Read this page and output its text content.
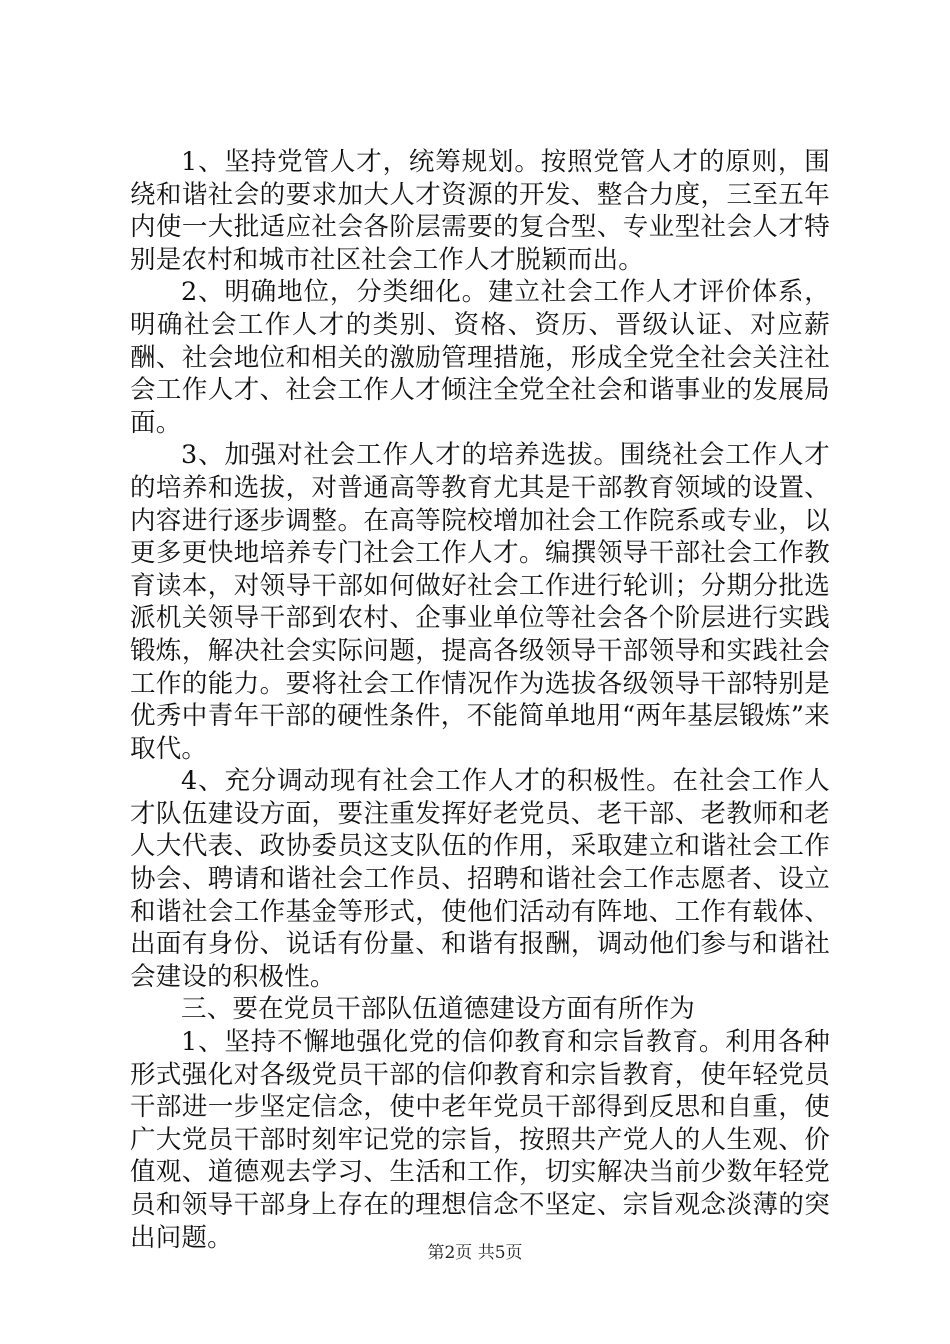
1、坚持党管人才，统筹规划。按照党管人才的原则，围绕和谐社会的要求加大人才资源的开发、整合力度，三至五年内使一大批适应社会各阶层需要的复合型、专业型社会人才特别是农村和城市社区社会工作人才脱颖而出。

2、明确地位，分类细化。建立社会工作人才评价体系，明确社会工作人才的类别、资格、资历、晋级认证、对应薪酬、社会地位和相关的激励管理措施，形成全党全社会关注社会工作人才、社会工作人才倾注全党全社会和谐事业的发展局面。

3、加强对社会工作人才的培养选拔。围绕社会工作人才的培养和选拔，对普通高等教育尤其是干部教育领域的设置、内容进行逐步调整。在高等院校增加社会工作院系或专业，以更多更快地培养专门社会工作人才。编撰领导干部社会工作教育读本，对领导干部如何做好社会工作进行轮训；分期分批选派机关领导干部到农村、企事业单位等社会各个阶层进行实践锻炼，解决社会实际问题，提高各级领导干部领导和实践社会工作的能力。要将社会工作情况作为选拔各级领导干部特别是优秀中青年干部的硬性条件，不能简单地用“两年基层锻炼”来取代。

4、充分调动现有社会工作人才的积极性。在社会工作人才队伍建设方面，要注重发挥好老党员、老干部、老教师和老人大代表、政协委员这支队伍的作用，采取建立和谐社会工作协会、聘请和谐社会工作员、招聘和谐社会工作志愿者、设立和谐社会工作基金等形式，使他们活动有阵地、工作有载体、出面有身份、说话有份量、和谐有报酬，调动他们参与和谐社会建设的积极性。

三、要在党员干部队伍道德建设方面有所作为

1、坚持不懈地强化党的信仰教育和宗旨教育。利用各种形式强化对各级党员干部的信仰教育和宗旨教育，使年轻党员干部进一步坚定信念，使中老年党员干部得到反思和自重，使广大党员干部时刻牢记党的宗旨，按照共产党人的人生观、价值观、道德观去学习、生活和工作，切实解决当前少数年轻党员和领导干部身上存在的理想信念不坚定、宗旨观念淡薄的突出问题。

第2页 共5页
